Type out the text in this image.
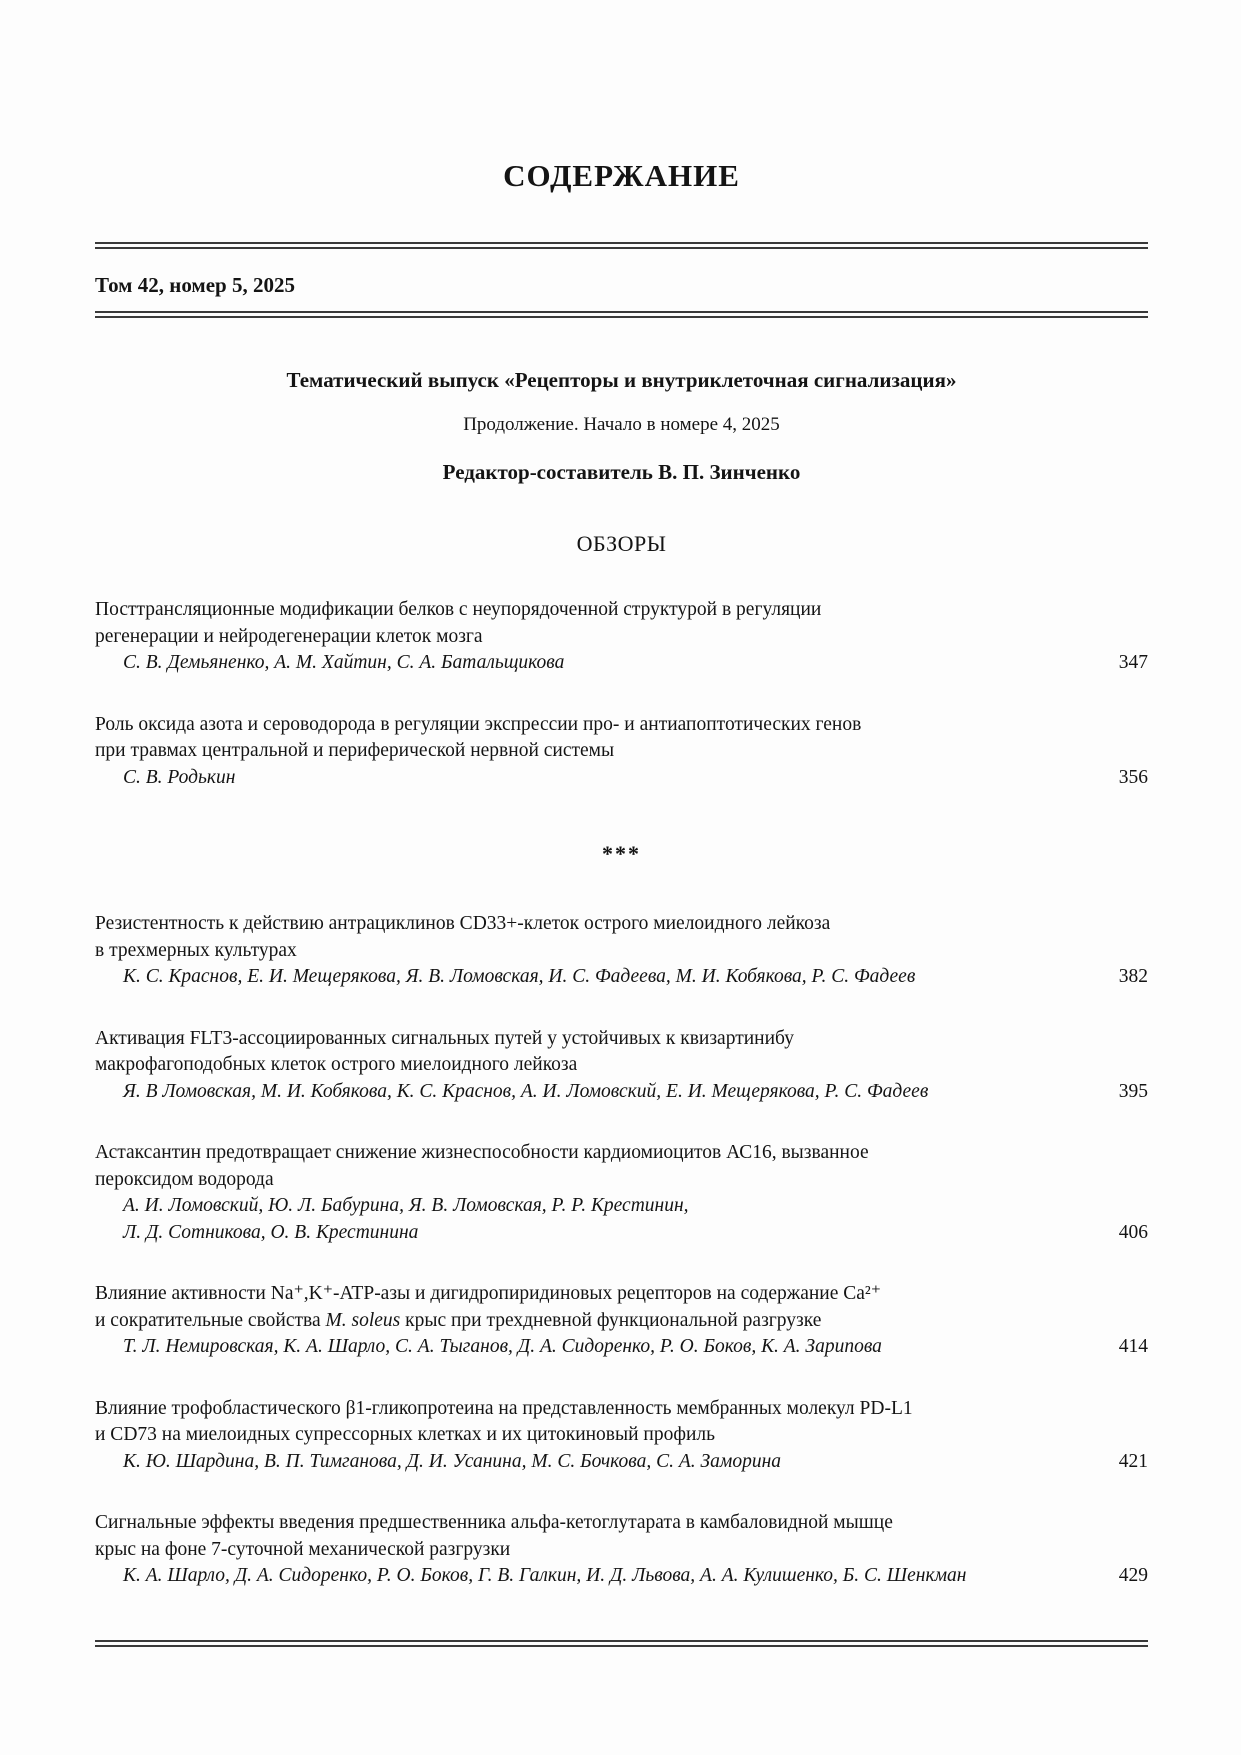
СОДЕРЖАНИЕ
Том 42, номер 5, 2025
Тематический выпуск «Рецепторы и внутриклеточная сигнализация»
Продолжение. Начало в номере 4, 2025
Редактор-составитель В. П. Зинченко
ОБЗОРЫ
Посттрансляционные модификации белков с неупорядоченной структурой в регуляции
регенерации и нейродегенерации клеток мозга
С. В. Демьяненко, А. М. Хайтин, С. А. Батальщикова	347
Роль оксида азота и сероводорода в регуляции экспрессии про- и антиапоптотических генов
при травмах центральной и периферической нервной системы
С. В. Родькин	356
***
Резистентность к действию антрациклинов CD33+-клеток острого миелоидного лейкоза
в трехмерных культурах
К. С. Краснов, Е. И. Мещерякова, Я. В. Ломовская, И. С. Фадеева, М. И. Кобякова, Р. С. Фадеев	382
Активация FLT3-ассоциированных сигнальных путей у устойчивых к квизартинибу
макрофагоподобных клеток острого миелоидного лейкоза
Я. В Ломовская, М. И. Кобякова, К. С. Краснов, А. И. Ломовский, Е. И. Мещерякова, Р. С. Фадеев	395
Астаксантин предотвращает снижение жизнеспособности кардиомиоцитов АС16, вызванное
пероксидом водорода
А. И. Ломовский, Ю. Л. Бабурина, Я. В. Ломовская, Р. Р. Крестинин,
Л. Д. Сотникова, О. В. Крестинина	406
Влияние активности Na⁺,K⁺-ATP-азы и дигидропиридиновых рецепторов на содержание Ca²⁺
и сократительные свойства M. soleus крыс при трехдневной функциональной разгрузке
Т. Л. Немировская, К. А. Шарло, С. А. Тыганов, Д. А. Сидоренко, Р. О. Боков, К. А. Зарипова	414
Влияние трофобластического β1-гликопротеина на представленность мембранных молекул PD-L1
и CD73 на миелоидных супрессорных клетках и их цитокиновый профиль
К. Ю. Шардина, В. П. Тимганова, Д. И. Усанина, М. С. Бочкова, С. А. Заморина	421
Сигнальные эффекты введения предшественника альфа-кетоглутарата в камбаловидной мышце
крыс на фоне 7-суточной механической разгрузки
К. А. Шарло, Д. А. Сидоренко, Р. О. Боков, Г. В. Галкин, И. Д. Львова, А. А. Кулишенко, Б. С. Шенкман	429
